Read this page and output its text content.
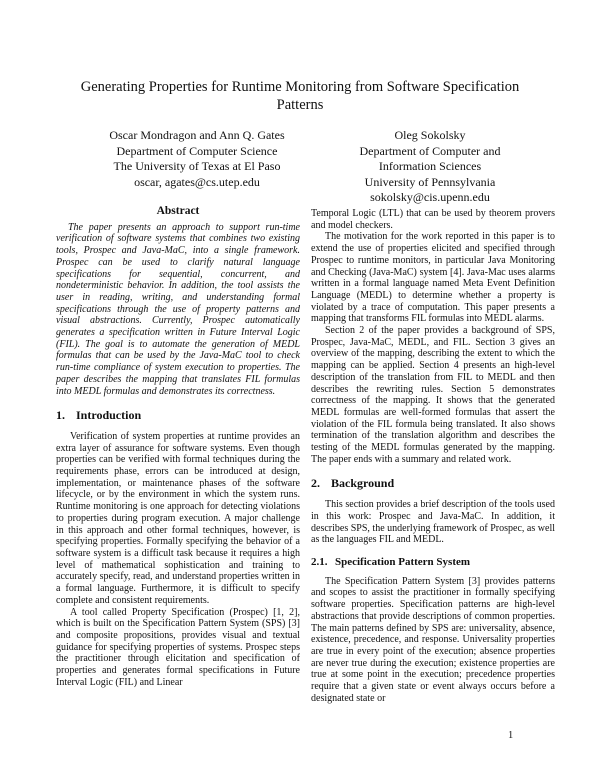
Generating Properties for Runtime Monitoring from Software Specification Patterns
Oscar Mondragon and Ann Q. Gates
Department of Computer Science
The University of Texas at El Paso
oscar, agates@cs.utep.edu
Oleg Sokolsky
Department of Computer and
Information Sciences
University of Pennsylvania
sokolsky@cis.upenn.edu
Abstract

The paper presents an approach to support run-time verification of software systems that combines two existing tools, Prospec and Java-MaC, into a single framework. Prospec can be used to clarify natural language specifications for sequential, concurrent, and nondeterministic behavior. In addition, the tool assists the user in reading, writing, and understanding formal specifications through the use of property patterns and visual abstractions. Currently, Prospec automatically generates a specification written in Future Interval Logic (FIL). The goal is to automate the generation of MEDL formulas that can be used by the Java-MaC tool to check run-time compliance of system execution to properties. The paper describes the mapping that translates FIL formulas into MEDL formulas and demonstrates its correctness.

1. Introduction

Verification of system properties at runtime provides an extra layer of assurance for software systems. Even though properties can be verified with formal techniques during the requirements phase, errors can be introduced at design, implementation, or maintenance phases of the software lifecycle, or by the environment in which the system runs. Runtime monitoring is one approach for detecting violations to properties during program execution. A major challenge in this approach and other formal techniques, however, is specifying properties. Formally specifying the behavior of a software system is a difficult task because it requires a high level of mathematical sophistication and training to accurately specify, read, and understand properties written in a formal language. Furthermore, it is difficult to specify complete and consistent requirements.

A tool called Property Specification (Prospec) [1, 2], which is built on the Specification Pattern System (SPS) [3] and composite propositions, provides visual and textual guidance for specifying properties of systems. Prospec steps the practitioner through elicitation and specification of properties and generates formal specifications in Future Interval Logic (FIL) and Linear

Temporal Logic (LTL) that can be used by theorem provers and model checkers.

The motivation for the work reported in this paper is to extend the use of properties elicited and specified through Prospec to runtime monitors, in particular Java Monitoring and Checking (Java-MaC) system [4]. Java-Mac uses alarms written in a formal language named Meta Event Definition Language (MEDL) to determine whether a property is violated by a trace of computation. This paper presents a mapping that transforms FIL formulas into MEDL alarms.

Section 2 of the paper provides a background of SPS, Prospec, Java-MaC, MEDL, and FIL. Section 3 gives an overview of the mapping, describing the extent to which the mapping can be applied. Section 4 presents an high-level description of the translation from FIL to MEDL and then describes the rewriting rules. Section 5 demonstrates correctness of the mapping. It shows that the generated MEDL formulas are well-formed formulas that assert the violation of the FIL formula being translated. It also shows termination of the translation algorithm and describes the testing of the MEDL formulas generated by the mapping. The paper ends with a summary and related work.

2. Background

This section provides a brief description of the tools used in this work: Prospec and Java-MaC. In addition, it describes SPS, the underlying framework of Prospec, as well as the languages FIL and MEDL.

2.1. Specification Pattern System

The Specification Pattern System [3] provides patterns and scopes to assist the practitioner in formally specifying software properties. Specification patterns are high-level abstractions that provide descriptions of common properties. The main patterns defined by SPS are: universality, absence, existence, precedence, and response. Universality properties are true in every point of the execution; absence properties are never true during the execution; existence properties are true at some point in the execution; precedence properties require that a given state or event always occurs before a designated state or

1
